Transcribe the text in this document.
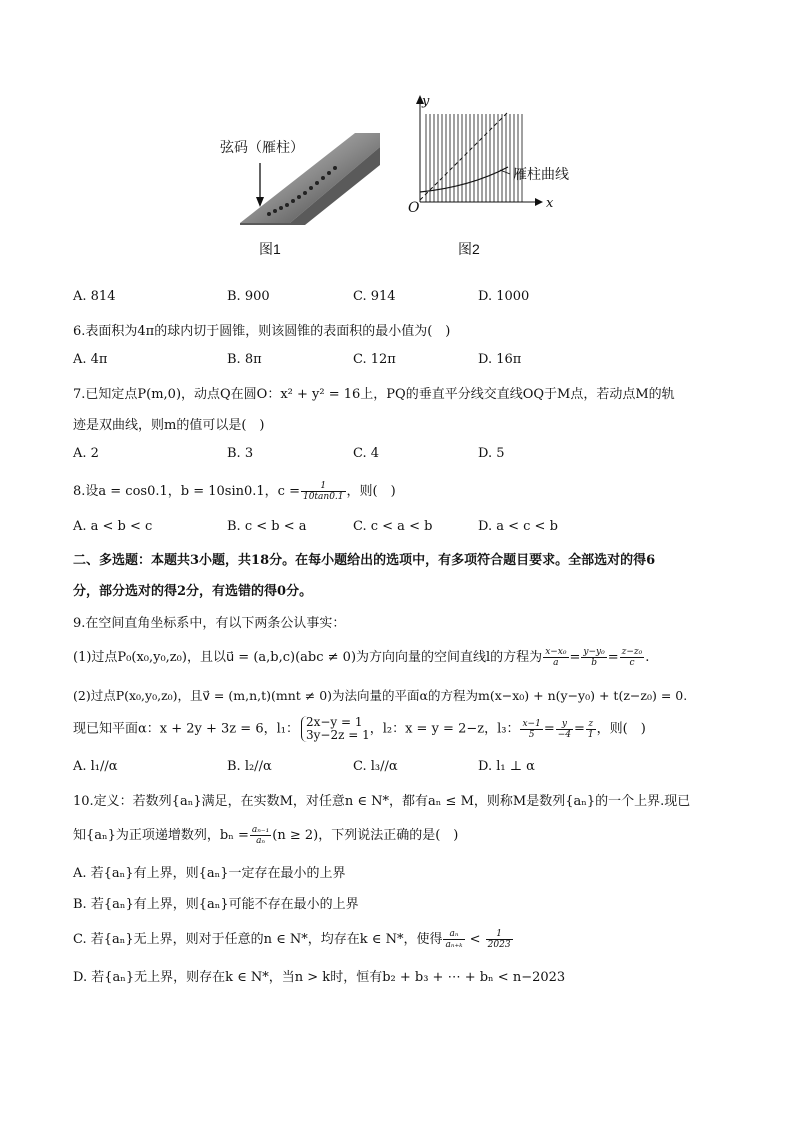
弦码（雁柱）
图1
y
x
O
雁柱曲线
图2
A. 814	B. 900	C. 914	D. 1000
6.表面积为4π的球内切于圆锥，则该圆锥的表面积的最小值为(　)
A. 4π	B. 8π	C. 12π	D. 16π
7.已知定点P(m,0)，动点Q在圆O：x² + y² = 16上，PQ的垂直平分线交直线OQ于M点，若动点M的轨
迹是双曲线，则m的值可以是(　)
A. 2	B. 3	C. 4	D. 5
8.设a = cos0.1，b = 10sin0.1，$c = \frac{1}{10\tan 0.1}$ ，则(　)
A. a < b < c	B. c < b < a	C. c < a < b	D. a < c < b
二、多选题：本题共3小题，共18分。在每小题给出的选项中，有多项符合题目要求。全部选对的得6
分，部分选对的得2分，有选错的得0分。
9.在空间直角坐标系中，有以下两条公认事实：
(1)过点P₀(x₀,y₀,z₀)，且以u⃗ = (a,b,c)(abc ≠ 0)为方向向量的空间直线l的方程为 $\frac{\text{x−x₀}}{a} = \frac{\text{y−y₀}}{b} = \frac{\text{z−z₀}}{c}$ .
(2)过点P(x₀,y₀,z₀)，且v⃗ = (m,n,t)(mnt ≠ 0)为法向量的平面α的方程为m(x−x₀) + n(y−y₀) + t(z−z₀) = 0.
现已知平面α：x + 2y + 3z = 6，l₁： 2x−y = 1
3y−2z = 1 ，l₂：x = y = 2−z，l₃： $\frac{x-1}{5} = \frac{y}{-4} = \frac{z}{1}$ ，则(　)
A. l₁//α	B. l₂//α	C. l₃//α	D. l₁ ⊥ α
10.定义：若数列{aₙ}满足，在实数M，对任意n ∈ N*，都有aₙ ≤ M，则称M是数列{aₙ}的一个上界.现已
知{aₙ}为正项递增数列，$b_n = \frac{\text{aₙ₋₁}}{\text{aₙ}} (n \ge 2)$，下列说法正确的是(　)
A. 若{aₙ}有上界，则{aₙ}一定存在最小的上界
B. 若{aₙ}有上界，则{aₙ}可能不存在最小的上界
C. 若{aₙ}无上界，则对于任意的n ∈ N*，均存在k ∈ N*，使得 $\frac{\text{aₙ}}{\text{aₙ₊ₖ}} < \frac{1}{2023}$
D. 若{aₙ}无上界，则存在k ∈ N*，当n > k时，恒有b₂ + b₃ + ⋯ + bₙ < n−2023
